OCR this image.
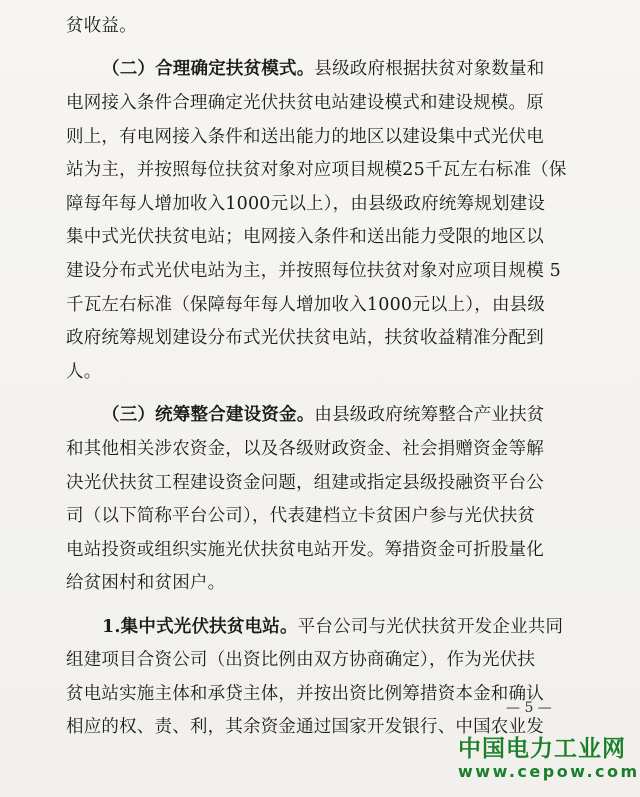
贫收益。
（二）合理确定扶贫模式。县级政府根据扶贫对象数量和
电网接入条件合理确定光伏扶贫电站建设模式和建设规模。原
则上，有电网接入条件和送出能力的地区以建设集中式光伏电
站为主，并按照每位扶贫对象对应项目规模25千瓦左右标准（保
障每年每人增加收入1000元以上），由县级政府统筹规划建设
集中式光伏扶贫电站；电网接入条件和送出能力受限的地区以
建设分布式光伏电站为主，并按照每位扶贫对象对应项目规模 5
千瓦左右标准（保障每年每人增加收入1000元以上），由县级
政府统筹规划建设分布式光伏扶贫电站，扶贫收益精准分配到
人。
（三）统筹整合建设资金。由县级政府统筹整合产业扶贫
和其他相关涉农资金，以及各级财政资金、社会捐赠资金等解
决光伏扶贫工程建设资金问题，组建或指定县级投融资平台公
司（以下简称平台公司），代表建档立卡贫困户参与光伏扶贫
电站投资或组织实施光伏扶贫电站开发。筹措资金可折股量化
给贫困村和贫困户。
1.集中式光伏扶贫电站。平台公司与光伏扶贫开发企业共同
组建项目合资公司（出资比例由双方协商确定），作为光伏扶
贫电站实施主体和承贷主体，并按出资比例筹措资本金和确认
相应的权、责、利，其余资金通过国家开发银行、中国农业发
— 5 —
中国电力工业网
www.cepow.com
